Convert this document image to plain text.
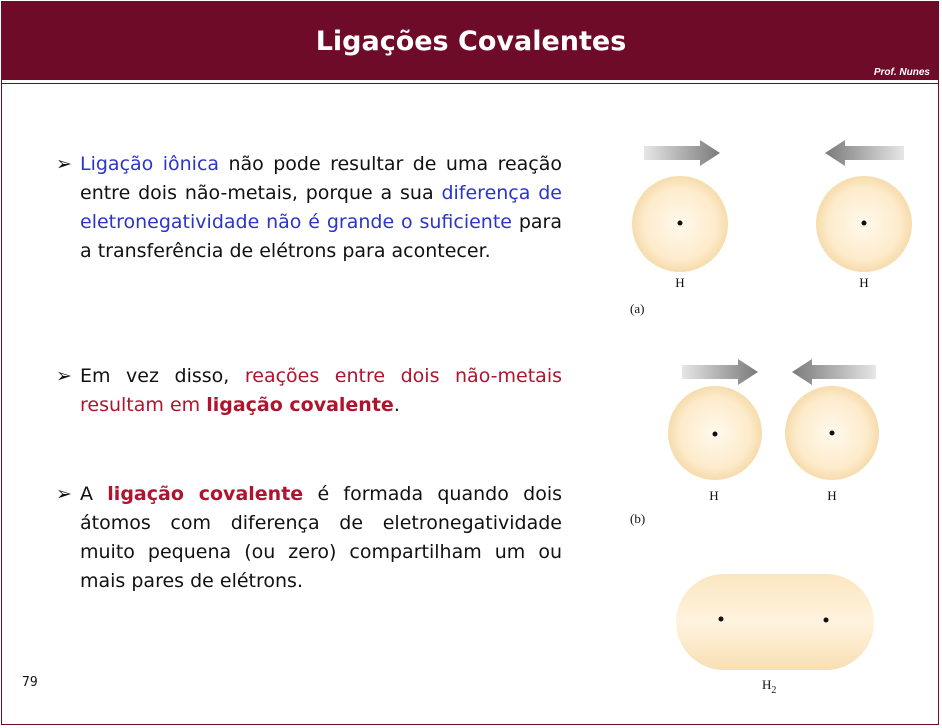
Ligações Covalentes
Prof. Nunes
➢ Ligação iônica não pode resultar de uma reação entre dois não-metais, porque a sua diferença de eletronegatividade não é grande o suficiente para a transferência de elétrons para acontecer.
➢ Em vez disso, reações entre dois não-metais resultam em ligação covalente.
➢ A ligação covalente é formada quando dois átomos com diferença de eletronegatividade muito pequena (ou zero) compartilham um ou mais pares de elétrons.
79
H	H
(a)
H	H
(b)
$H_2$
